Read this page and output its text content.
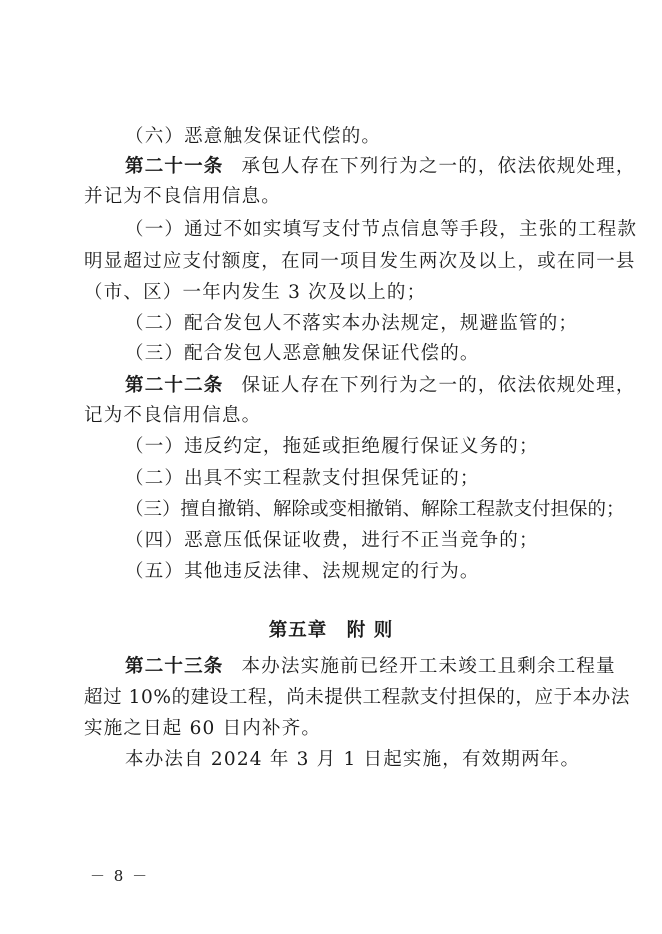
（六）恶意触发保证代偿的。
第二十一条 承包人存在下列行为之一的，依法依规处理，
并记为不良信用信息。
（一）通过不如实填写支付节点信息等手段，主张的工程款
明显超过应支付额度，在同一项目发生两次及以上，或在同一县
（市、区）一年内发生 3 次及以上的；
（二）配合发包人不落实本办法规定，规避监管的；
（三）配合发包人恶意触发保证代偿的。
第二十二条 保证人存在下列行为之一的，依法依规处理，
记为不良信用信息。
（一）违反约定，拖延或拒绝履行保证义务的；
（二）出具不实工程款支付担保凭证的；
（三）擅自撤销、解除或变相撤销、解除工程款支付担保的；
（四）恶意压低保证收费，进行不正当竞争的；
（五）其他违反法律、法规规定的行为。
第五章　附 则
第二十三条 本办法实施前已经开工未竣工且剩余工程量
超过 10%的建设工程，尚未提供工程款支付担保的，应于本办法
实施之日起 60 日内补齐。
本办法自 2024 年 3 月 1 日起实施，有效期两年。
－ 8 －
